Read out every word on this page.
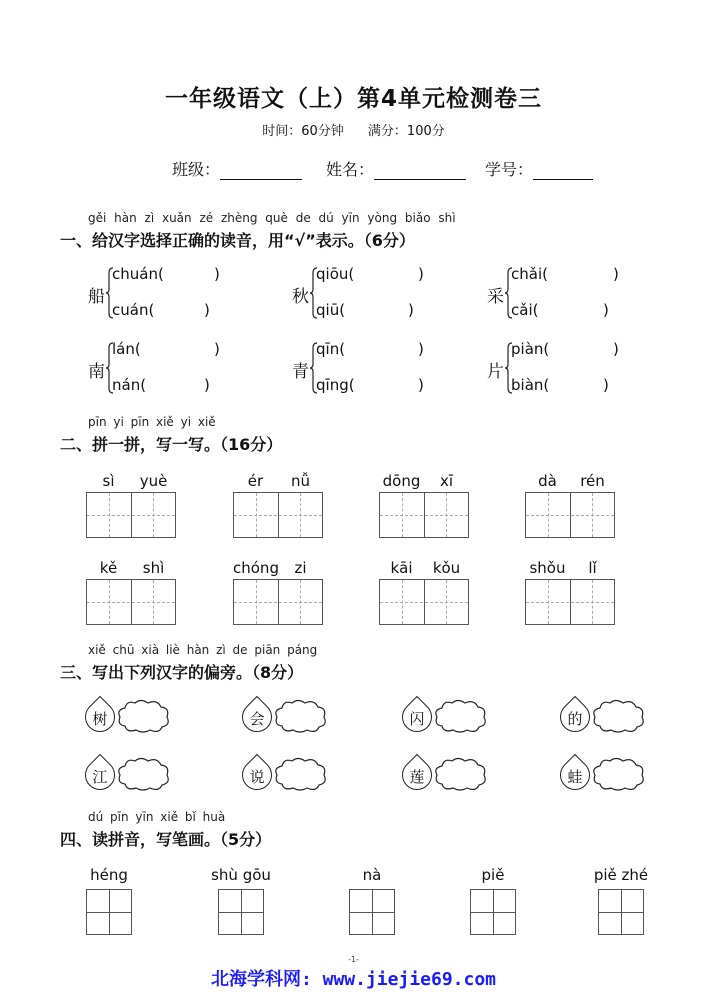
一年级语文（上）第4单元检测卷三
时间：60分钟 满分：100分
班级：	姓名：	学号：
gěi hàn zì xuǎn zé zhèng què de dú yīn yòng biǎo shì
一、给汉字选择正确的读音，用“√”表示。（6分）
pīn yi pīn xiě yi xiě
二、拼一拼，写一写。（16分）
xiě chū xià liè hàn zì de piān páng
三、写出下列汉字的偏旁。（8分）
dú pīn yīn xiě bǐ huà
四、读拼音，写笔画。（5分）
-1-
北海学科网: www.jiejie69.com
船
chuán(	)
cuán(	)
秋
qiōu(	)
qiū(	)
采
chǎi(	)
cǎi(	)
南
lán(	)
nán(	)
青
qīn(	)
qīng(	)
片
piàn(	)
biàn(	)
sì	yuè	ér	nǚ	dōng	xī	dà	rén
kě	shì	chóng	zi	kāi	kǒu	shǒu	lǐ
树	会	闪	的
江	说	莲	蛙
héng	shù gōu	nà	piě	piě zhé
